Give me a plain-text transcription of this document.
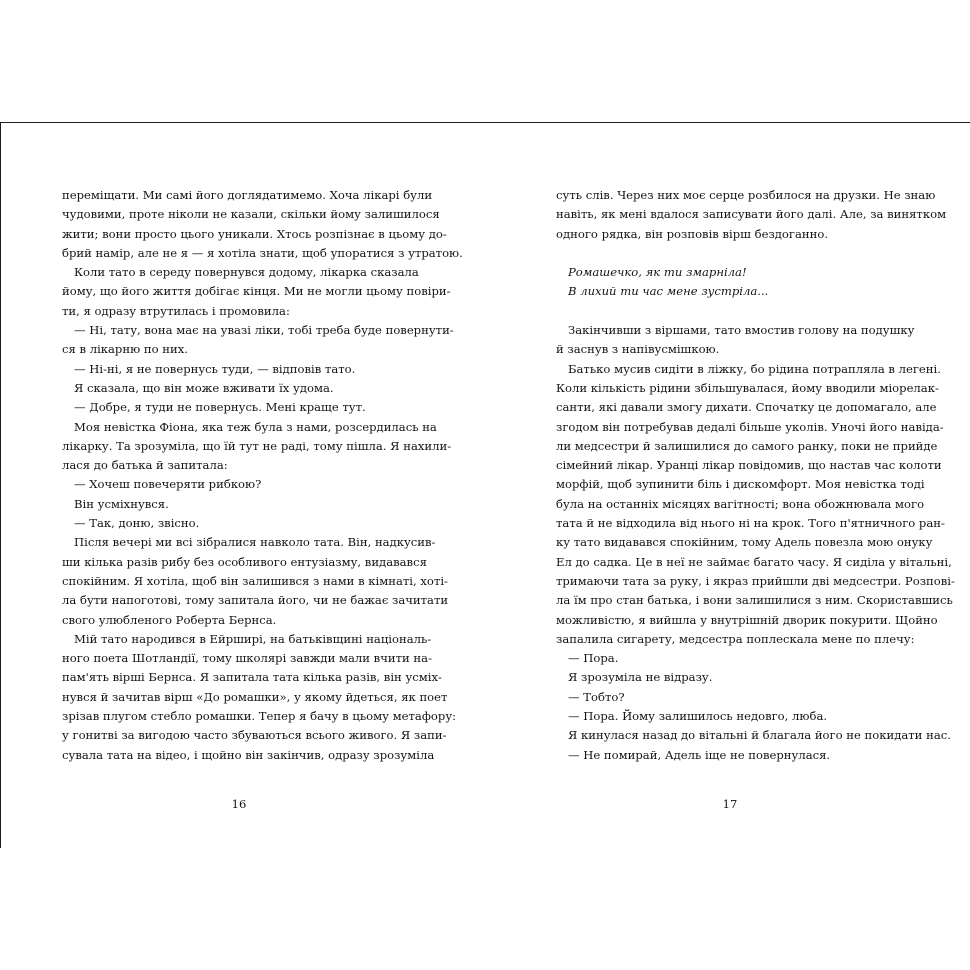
переміщати. Ми самі його доглядатимемо. Хоча лікарі були
чудовими, проте ніколи не казали, скільки йому залишилося
жити; вони просто цього уникали. Хтось розпізнає в цьому до-
брий намір, але не я — я хотіла знати, щоб упоратися з утратою.
Коли тато в середу повернувся додому, лікарка сказала
йому, що його життя добігає кінця. Ми не могли цьому повіри-
ти, я одразу втрутилась і промовила:
— Ні, тату, вона має на увазі ліки, тобі треба буде повернути-
ся в лікарню по них.
— Ні-ні, я не повернусь туди, — відповів тато.
Я сказала, що він може вживати їх удома.
— Добре, я туди не повернусь. Мені краще тут.
Моя невістка Фіона, яка теж була з нами, розсердилась на
лікарку. Та зрозуміла, що їй тут не раді, тому пішла. Я нахили-
лася до батька й запитала:
— Хочеш повечеряти рибкою?
Він усміхнувся.
— Так, доню, звісно.
Після вечері ми всі зібралися навколо тата. Він, надкусив-
ши кілька разів рибу без особливого ентузіазму, видавався
спокійним. Я хотіла, щоб він залишився з нами в кімнаті, хоті-
ла бути напоготові, тому запитала його, чи не бажає зачитати
свого улюбленого Роберта Бернса.
Мій тато народився в Ейрширі, на батьківщині національ-
ного поета Шотландії, тому школярі завжди мали вчити на-
пам'ять вірші Бернса. Я запитала тата кілька разів, він усміх-
нувся й зачитав вірш «До ромашки», у якому йдеться, як поет
зрізав плугом стебло ромашки. Тепер я бачу в цьому метафору:
у гонитві за вигодою часто збуваються всього живого. Я запи-
сувала тата на відео, і щойно він закінчив, одразу зрозуміла
суть слів. Через них моє серце розбилося на друзки. Не знаю
навіть, як мені вдалося записувати його далі. Але, за винятком
одного рядка, він розповів вірш бездоганно.
Ромашечко, як ти змарніла!
В лихий ти час мене зустріла...
Закінчивши з віршами, тато вмостив голову на подушку
й заснув з напівусмішкою.
Батько мусив сидіти в ліжку, бо рідина потрапляла в легені.
Коли кількість рідини збільшувалася, йому вводили міорелак-
санти, які давали змогу дихати. Спочатку це допомагало, але
згодом він потребував дедалі більше уколів. Уночі його навіда-
ли медсестри й залишилися до самого ранку, поки не прийде
сімейний лікар. Уранці лікар повідомив, що настав час колоти
морфій, щоб зупинити біль і дискомфорт. Моя невістка тоді
була на останніх місяцях вагітності; вона обожнювала мого
тата й не відходила від нього ні на крок. Того п'ятничного ран-
ку тато видавався спокійним, тому Адель повезла мою онуку
Ел до садка. Це в неї не займає багато часу. Я сиділа у вітальні,
тримаючи тата за руку, і якраз прийшли дві медсестри. Розпові-
ла їм про стан батька, і вони залишилися з ним. Скориставшись
можливістю, я вийшла у внутрішній дворик покурити. Щойно
запалила сигарету, медсестра поплескала мене по плечу:
— Пора.
Я зрозуміла не відразу.
— Тобто?
— Пора. Йому залишилось недовго, люба.
Я кинулася назад до вітальні й благала його не покидати нас.
— Не помирай, Адель іще не повернулася.
16	17
